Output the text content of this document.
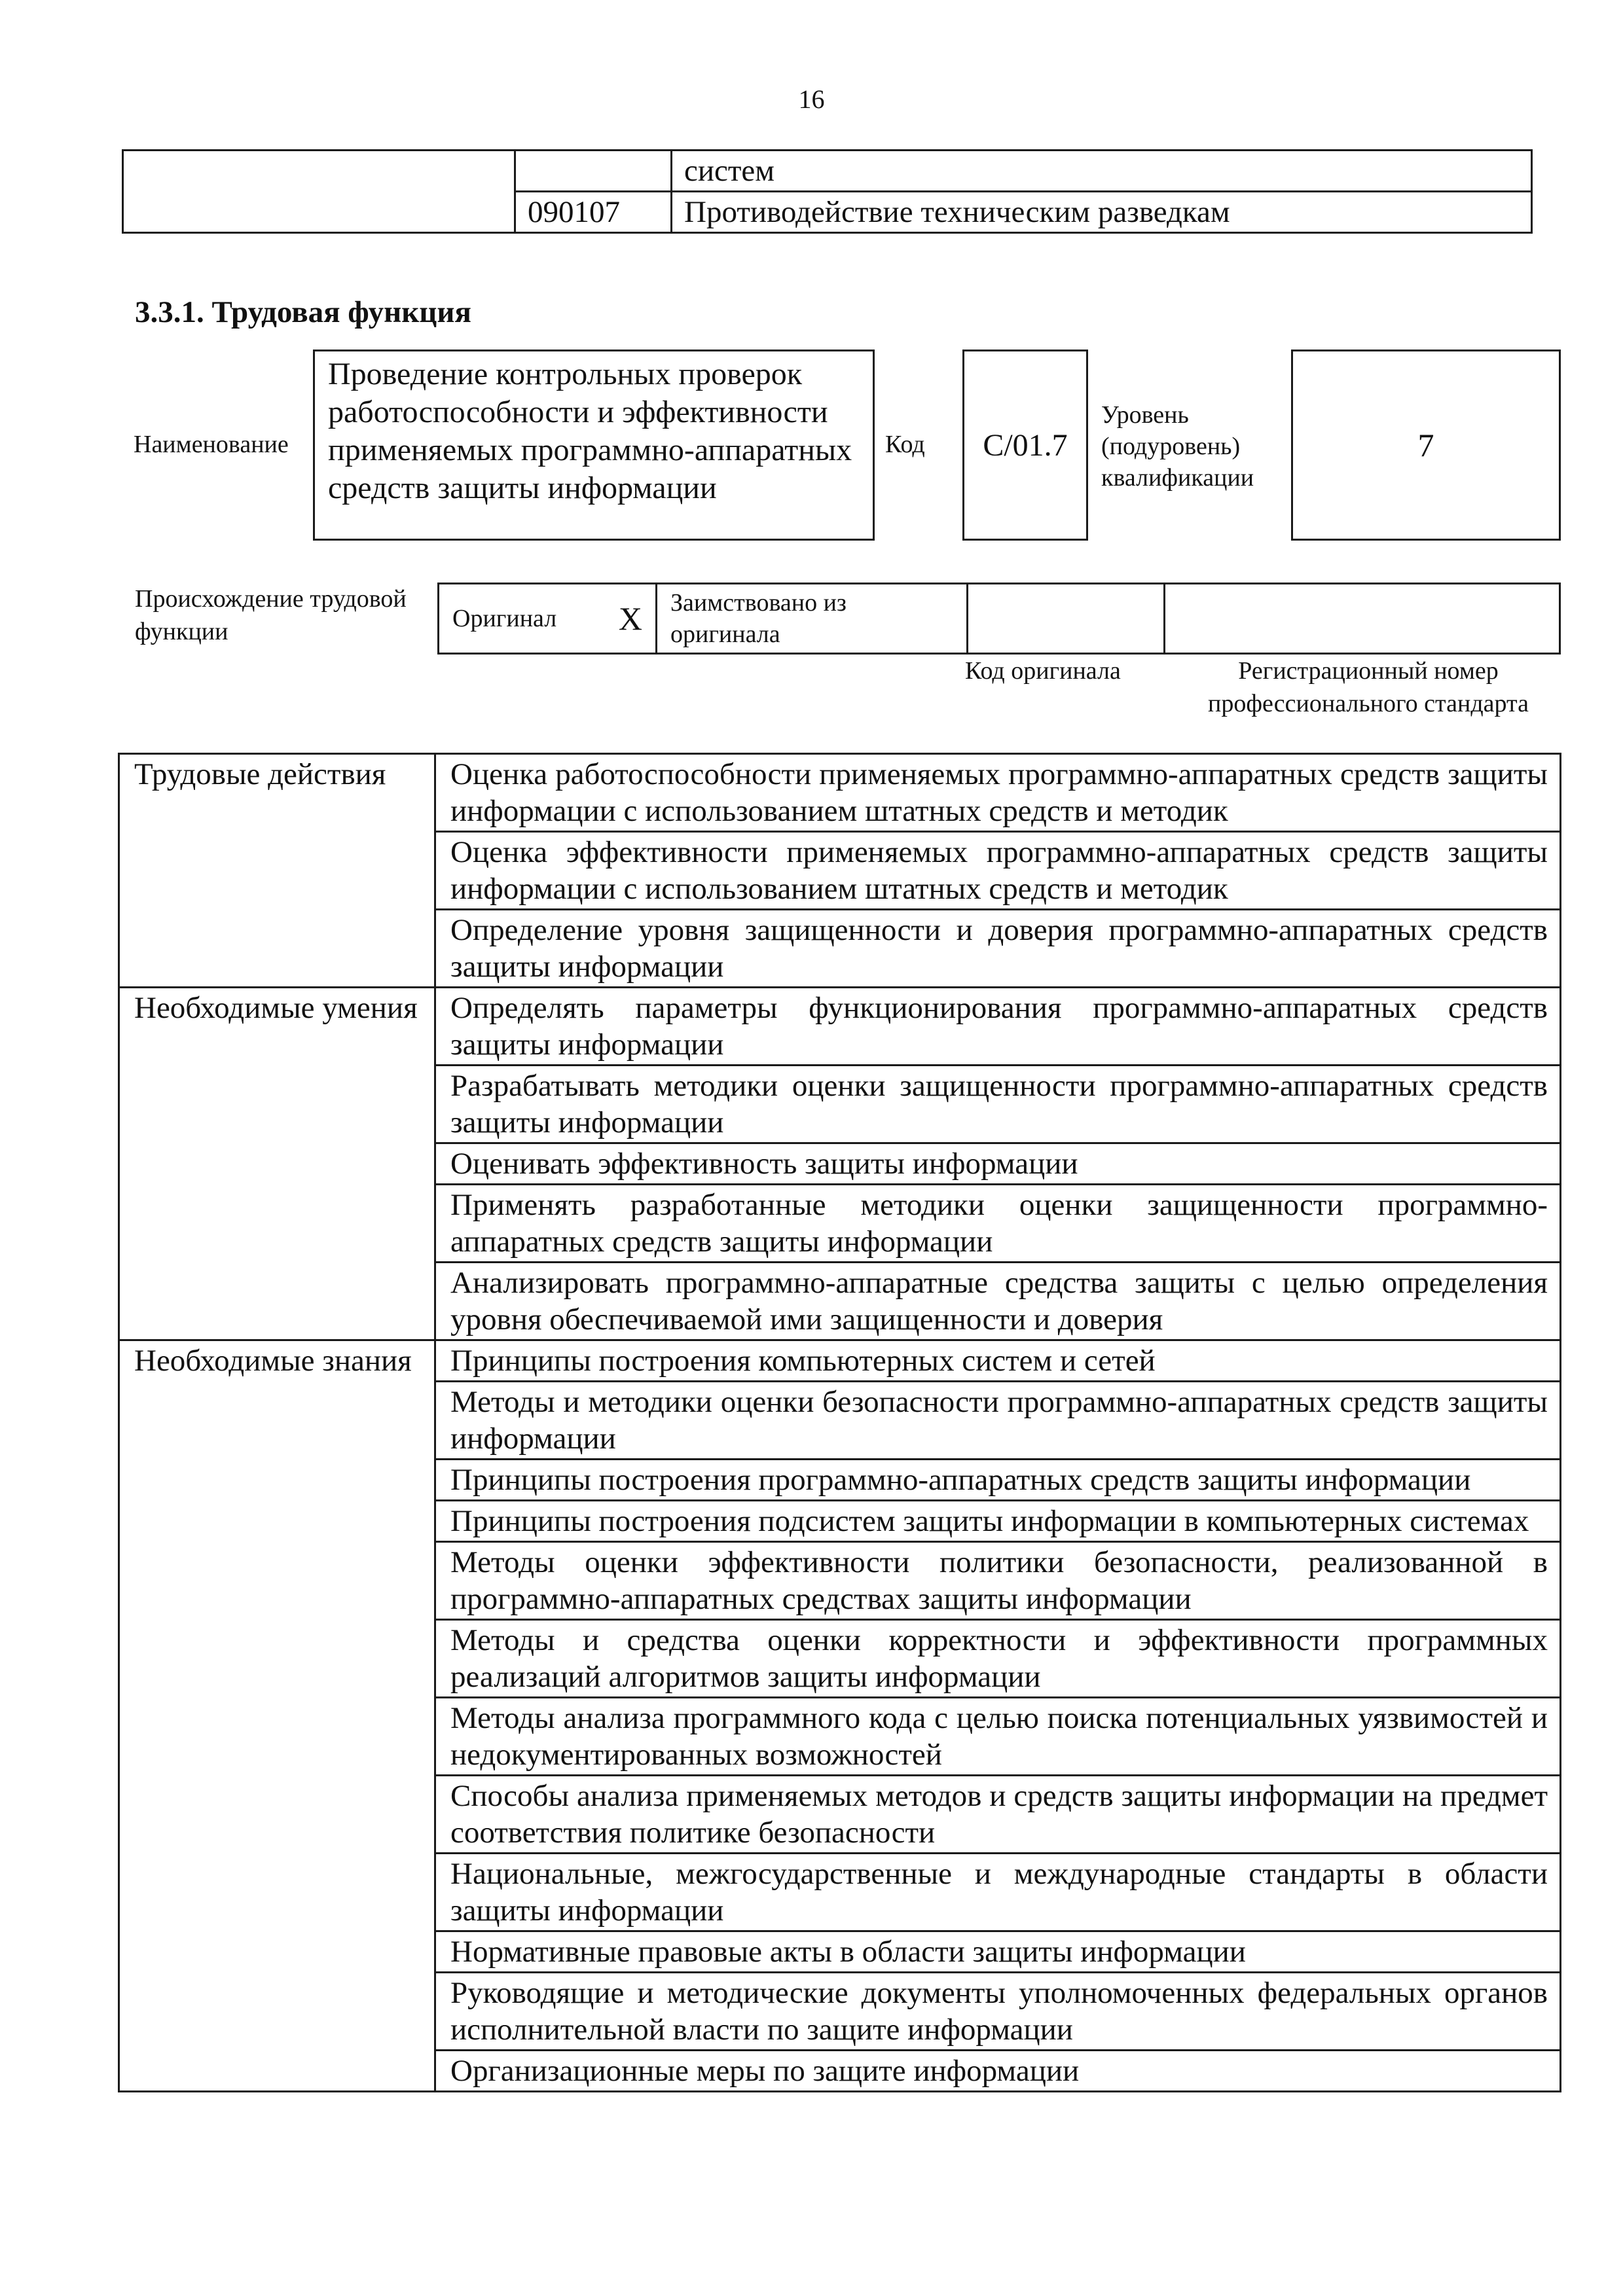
16
		систем
	090107	Противодействие техническим разведкам
3.3.1. Трудовая функция
Наименование
Проведение контрольных проверок работоспособности и эффективности применяемых программно-аппаратных средств защиты информации
Код	C/01.7
Уровень (подуровень) квалификации
7
Происхождение трудовой функции	Оригинал X	Заимствовано из оригинала		
Код оригинала	Регистрационный номер профессионального стандарта
Трудовые действия	Оценка работоспособности применяемых программно-аппаратных средств защиты информации с использованием штатных средств и методик
	Оценка эффективности применяемых программно-аппаратных средств защиты информации с использованием штатных средств и методик
	Определение уровня защищенности и доверия программно-аппаратных средств защиты информации
Необходимые умения	Определять параметры функционирования программно-аппаратных средств защиты информации
	Разрабатывать методики оценки защищенности программно-аппаратных средств защиты информации
	Оценивать эффективность защиты информации
	Применять разработанные методики оценки защищенности программно-аппаратных средств защиты информации
	Анализировать программно-аппаратные средства защиты с целью определения уровня обеспечиваемой ими защищенности и доверия
Необходимые знания	Принципы построения компьютерных систем и сетей
	Методы и методики оценки безопасности программно-аппаратных средств защиты информации
	Принципы построения программно-аппаратных средств защиты информации
	Принципы построения подсистем защиты информации в компьютерных системах
	Методы оценки эффективности политики безопасности, реализованной в программно-аппаратных средствах защиты информации
	Методы и средства оценки корректности и эффективности программных реализаций алгоритмов защиты информации
	Методы анализа программного кода с целью поиска потенциальных уязвимостей и недокументированных возможностей
	Способы анализа применяемых методов и средств защиты информации на предмет соответствия политике безопасности
	Национальные, межгосударственные и международные стандарты в области защиты информации
	Нормативные правовые акты в области защиты информации
	Руководящие и методические документы уполномоченных федеральных органов исполнительной власти по защите информации
	Организационные меры по защите информации
